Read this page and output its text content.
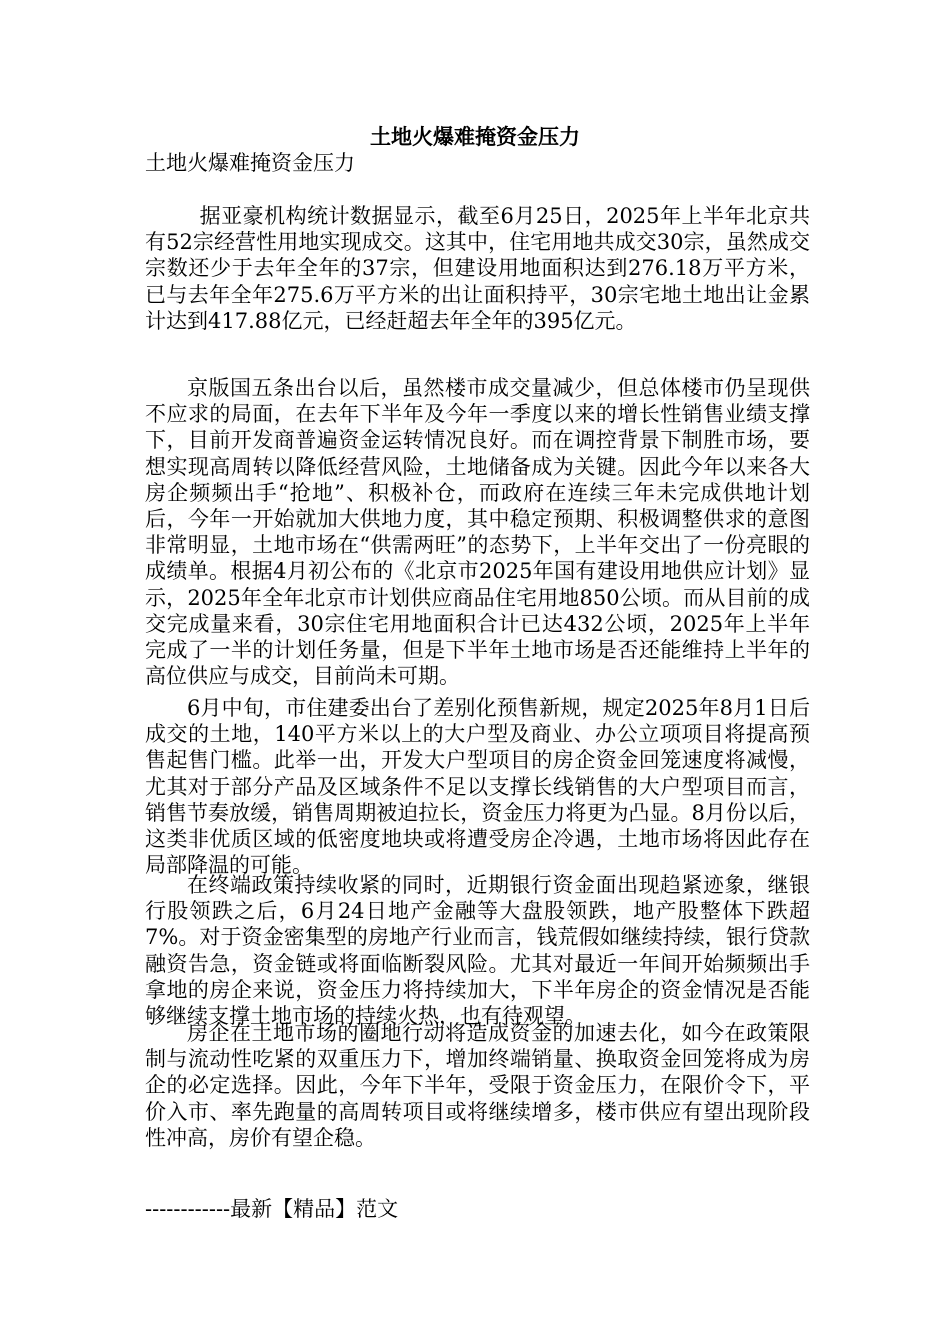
土地火爆难掩资金压力
土地火爆难掩资金压力

据亚豪机构统计数据显示，截至6月25日，2025年上半年北京共有52宗经营性用地实现成交。这其中，住宅用地共成交30宗，虽然成交宗数还少于去年全年的37宗，但建设用地面积达到276.18万平方米，已与去年全年275.6万平方米的出让面积持平，30宗宅地土地出让金累计达到417.88亿元，已经赶超去年全年的395亿元。

京版国五条出台以后，虽然楼市成交量减少，但总体楼市仍呈现供不应求的局面，在去年下半年及今年一季度以来的增长性销售业绩支撑下，目前开发商普遍资金运转情况良好。而在调控背景下制胜市场，要想实现高周转以降低经营风险，土地储备成为关键。因此今年以来各大房企频频出手“抢地”、积极补仓，而政府在连续三年未完成供地计划后，今年一开始就加大供地力度，其中稳定预期、积极调整供求的意图非常明显，土地市场在“供需两旺”的态势下，上半年交出了一份亮眼的成绩单。根据4月初公布的《北京市2025年国有建设用地供应计划》显示，2025年全年北京市计划供应商品住宅用地850公顷。而从目前的成交完成量来看，30宗住宅用地面积合计已达432公顷，2025年上半年完成了一半的计划任务量，但是下半年土地市场是否还能维持上半年的高位供应与成交，目前尚未可期。

6月中旬，市住建委出台了差别化预售新规，规定2025年8月1日后成交的土地，140平方米以上的大户型及商业、办公立项项目将提高预售起售门槛。此举一出，开发大户型项目的房企资金回笼速度将减慢，尤其对于部分产品及区域条件不足以支撑长线销售的大户型项目而言，销售节奏放缓，销售周期被迫拉长，资金压力将更为凸显。8月份以后，这类非优质区域的低密度地块或将遭受房企冷遇，土地市场将因此存在局部降温的可能。

在终端政策持续收紧的同时，近期银行资金面出现趋紧迹象，继银行股领跌之后，6月24日地产金融等大盘股领跌，地产股整体下跌超7%。对于资金密集型的房地产行业而言，钱荒假如继续持续，银行贷款融资告急，资金链或将面临断裂风险。尤其对最近一年间开始频频出手拿地的房企来说，资金压力将持续加大，下半年房企的资金情况是否能够继续支撑土地市场的持续火热，也有待观望。

房企在土地市场的圈地行动将造成资金的加速去化，如今在政策限制与流动性吃紧的双重压力下，增加终端销量、换取资金回笼将成为房企的必定选择。因此，今年下半年，受限于资金压力，在限价令下，平价入市、率先跑量的高周转项目或将继续增多，楼市供应有望出现阶段性冲高，房价有望企稳。

------------最新【精品】范文
